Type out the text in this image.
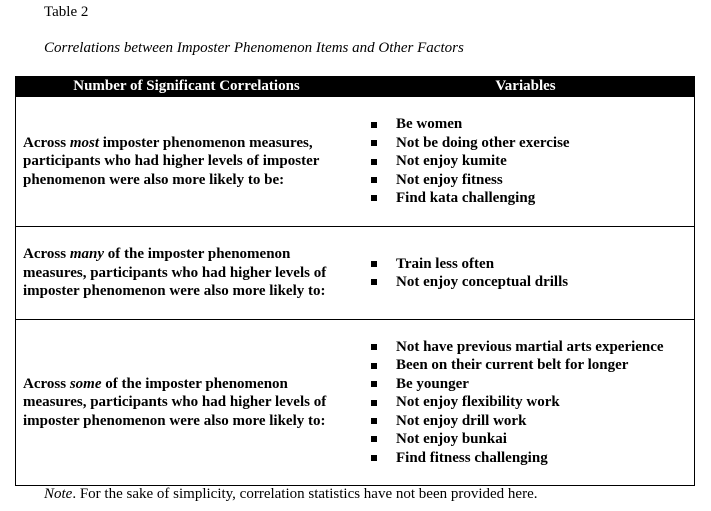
Table 2
Correlations between Imposter Phenomenon Items and Other Factors
Number of Significant Correlations	Variables
Across most imposter phenomenon measures, participants who had higher levels of imposter phenomenon were also more likely to be:
Be women
Not be doing other exercise
Not enjoy kumite
Not enjoy fitness
Find kata challenging
Across many of the imposter phenomenon measures, participants who had higher levels of imposter phenomenon were also more likely to:
Train less often
Not enjoy conceptual drills
Across some of the imposter phenomenon measures, participants who had higher levels of imposter phenomenon were also more likely to:
Not have previous martial arts experience
Been on their current belt for longer
Be younger
Not enjoy flexibility work
Not enjoy drill work
Not enjoy bunkai
Find fitness challenging
Note. For the sake of simplicity, correlation statistics have not been provided here.
